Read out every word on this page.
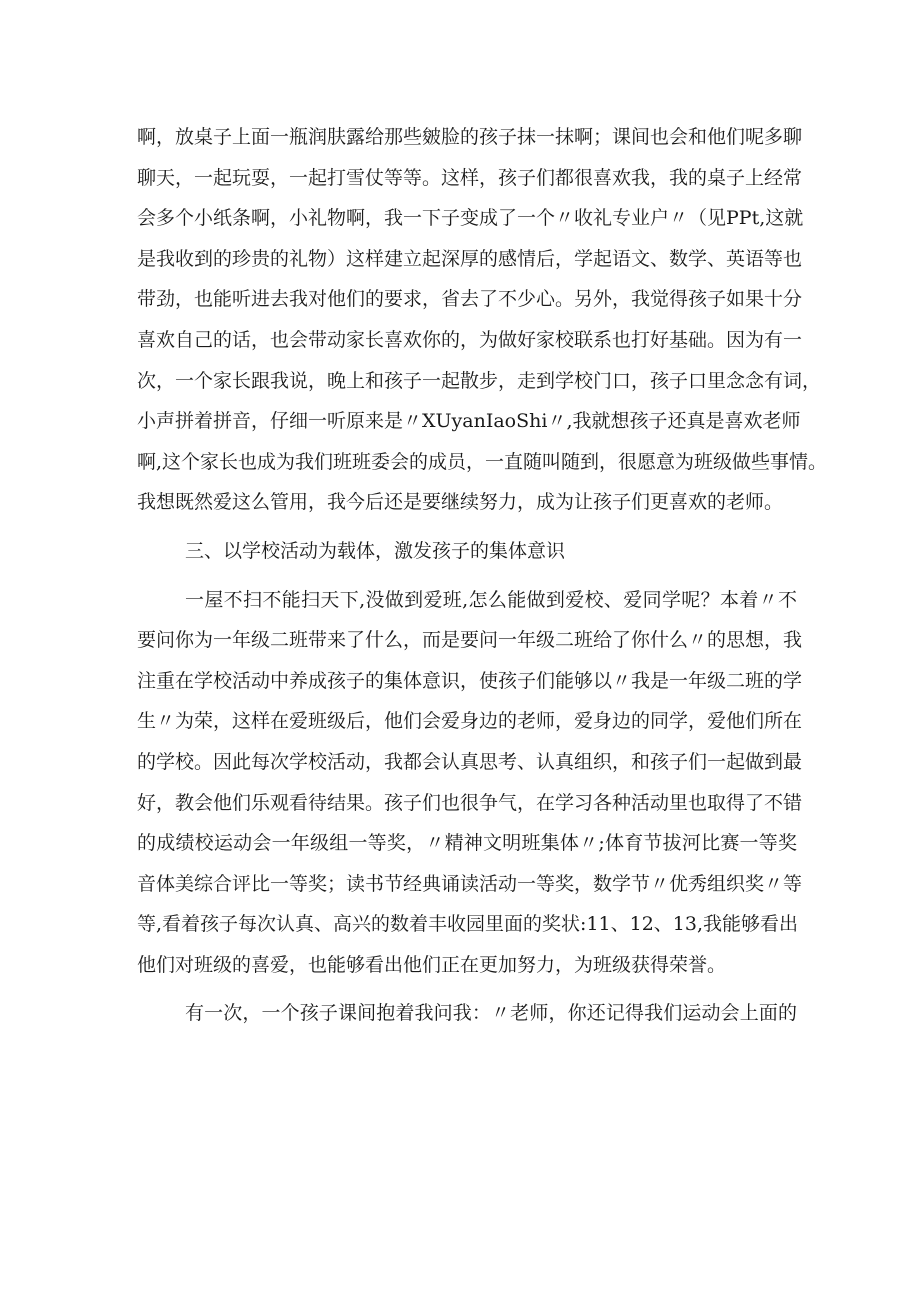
啊，放桌子上面一瓶润肤露给那些皴脸的孩子抹一抹啊；课间也会和他们呢多聊
聊天，一起玩耍，一起打雪仗等等。这样，孩子们都很喜欢我，我的桌子上经常
会多个小纸条啊，小礼物啊，我一下子变成了一个〃收礼专业户〃（见PPt,这就
是我收到的珍贵的礼物）这样建立起深厚的感情后，学起语文、数学、英语等也
带劲，也能听进去我对他们的要求，省去了不少心。另外，我觉得孩子如果十分
喜欢自己的话，也会带动家长喜欢你的，为做好家校联系也打好基础。因为有一
次，一个家长跟我说，晚上和孩子一起散步，走到学校门口，孩子口里念念有词，
小声拼着拼音，仔细一听原来是〃XUyanIaoShi〃,我就想孩子还真是喜欢老师
啊,这个家长也成为我们班班委会的成员，一直随叫随到，很愿意为班级做些事情。
我想既然爱这么管用，我今后还是要继续努力，成为让孩子们更喜欢的老师。
三、以学校活动为载体，激发孩子的集体意识
一屋不扫不能扫天下,没做到爱班,怎么能做到爱校、爱同学呢？本着〃不
要问你为一年级二班带来了什么，而是要问一年级二班给了你什么〃的思想，我
注重在学校活动中养成孩子的集体意识，使孩子们能够以〃我是一年级二班的学
生〃为荣，这样在爱班级后，他们会爱身边的老师，爱身边的同学，爱他们所在
的学校。因此每次学校活动，我都会认真思考、认真组织，和孩子们一起做到最
好，教会他们乐观看待结果。孩子们也很争气，在学习各种活动里也取得了不错
的成绩校运动会一年级组一等奖，〃精神文明班集体〃;体育节拔河比赛一等奖
音体美综合评比一等奖；读书节经典诵读活动一等奖，数学节〃优秀组织奖〃等
等,看着孩子每次认真、高兴的数着丰收园里面的奖状:11、12、13,我能够看出
他们对班级的喜爱，也能够看出他们正在更加努力，为班级获得荣誉。
有一次，一个孩子课间抱着我问我：〃老师，你还记得我们运动会上面的
